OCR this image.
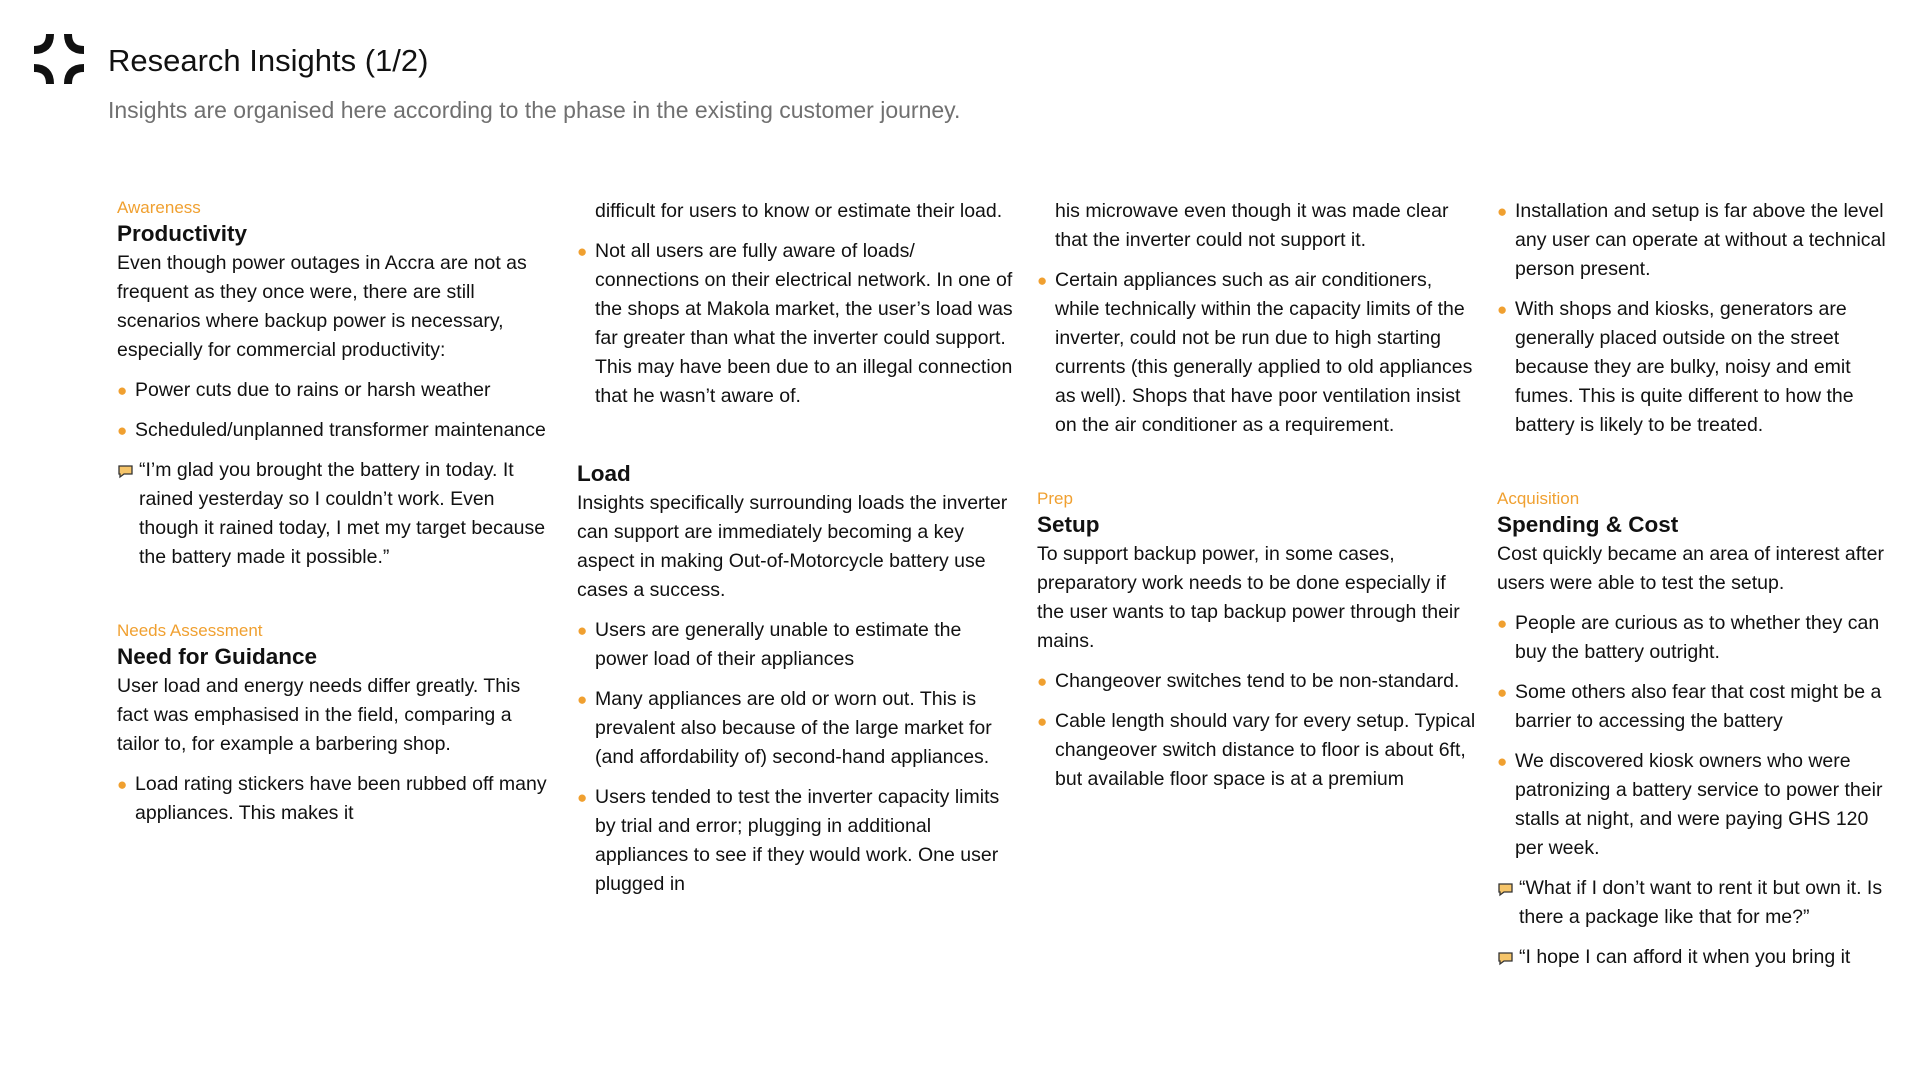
Research Insights (1/2)

Insights are organised here according to the phase in the existing customer journey.

Awareness

Productivity

Even though power outages in Accra are not as frequent as they once were, there are still scenarios where backup power is necessary, especially for commercial productivity:

● Power cuts due to rains or harsh weather
● Scheduled/unplanned transformer maintenance
“I’m glad you brought the battery in today. It rained yesterday so I couldn’t work. Even though it rained today, I met my target because the battery made it possible.”

Needs Assessment

Need for Guidance

User load and energy needs differ greatly. This fact was emphasised in the field, comparing a tailor to, for example a barbering shop.

● Load rating stickers have been rubbed off many appliances. This makes it

difficult for users to know or estimate their load.

● Not all users are fully aware of loads/ connections on their electrical network. In one of the shops at Makola market, the user’s load was far greater than what the inverter could support. This may have been due to an illegal connection that he wasn’t aware of.

Load

Insights specifically surrounding loads the inverter can support are immediately becoming a key aspect in making Out-of-Motorcycle battery use cases a success.

● Users are generally unable to estimate the power load of their appliances
● Many appliances are old or worn out. This is prevalent also because of the large market for (and affordability of) second-hand appliances.
● Users tended to test the inverter capacity limits by trial and error; plugging in additional appliances to see if they would work. One user plugged in

his microwave even though it was made clear that the inverter could not support it.

● Certain appliances such as air conditioners, while technically within the capacity limits of the inverter, could not be run due to high starting currents (this generally applied to old appliances as well). Shops that have poor ventilation insist on the air conditioner as a requirement.

Prep

Setup

To support backup power, in some cases, preparatory work needs to be done especially if the user wants to tap backup power through their mains.

● Changeover switches tend to be non-standard.
● Cable length should vary for every setup. Typical changeover switch distance to floor is about 6ft, but available floor space is at a premium
● Installation and setup is far above the level any user can operate at without a technical person present.
● With shops and kiosks, generators are generally placed outside on the street because they are bulky, noisy and emit fumes. This is quite different to how the battery is likely to be treated.

Acquisition

Spending & Cost

Cost quickly became an area of interest after users were able to test the setup.

● People are curious as to whether they can buy the battery outright.
● Some others also fear that cost might be a barrier to accessing the battery
● We discovered kiosk owners who were patronizing a battery service to power their stalls at night, and were paying GHS 120 per week.
“What if I don’t want to rent it but own it. Is there a package like that for me?”
“I hope I can afford it when you bring it
